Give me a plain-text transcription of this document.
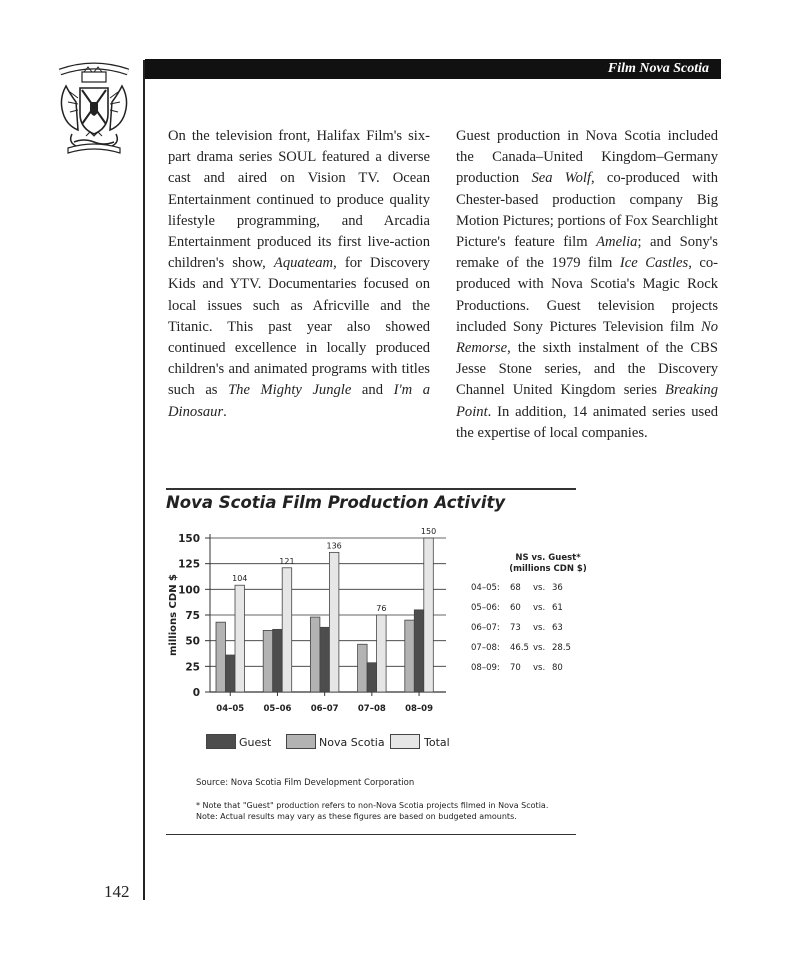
Film Nova Scotia

On the television front, Halifax Film's six-part drama series SOUL featured a diverse cast and aired on Vision TV. Ocean Entertainment continued to produce quality lifestyle programming, and Arcadia Entertainment produced its first live-action children's show, Aquateam, for Discovery Kids and YTV. Documentaries focused on local issues such as Africville and the Titanic. This past year also showed continued excellence in locally produced children's and animated programs with titles such as The Mighty Jungle and I'm a Dinosaur.

Guest production in Nova Scotia included the Canada–United Kingdom–Germany production Sea Wolf, co-produced with Chester-based production company Big Motion Pictures; portions of Fox Searchlight Picture's feature film Amelia; and Sony's remake of the 1979 film Ice Castles, co-produced with Nova Scotia's Magic Rock Productions. Guest television projects included Sony Pictures Television film No Remorse, the sixth instalment of the CBS Jesse Stone series, and the Discovery Channel United Kingdom series Breaking Point. In addition, 14 animated series used the expertise of local companies.

Nova Scotia Film Production Activity
0
25
50
75
100
125
150
millions CDN $	104
04–05
121
05–06
136
06–07
76
07–08
150
08–09
NS vs. Guest*
(millions CDN $)
04–05: 68 vs. 36
05–06: 60 vs. 61
06–07: 73 vs. 63
07–08: 46.5 vs. 28.5
08–09: 70 vs. 80
Guest	Nova Scotia	Total
Source: Nova Scotia Film Development Corporation
* Note that "Guest" production refers to non-Nova Scotia projects filmed in Nova Scotia.
Note: Actual results may vary as these figures are based on budgeted amounts.
142
